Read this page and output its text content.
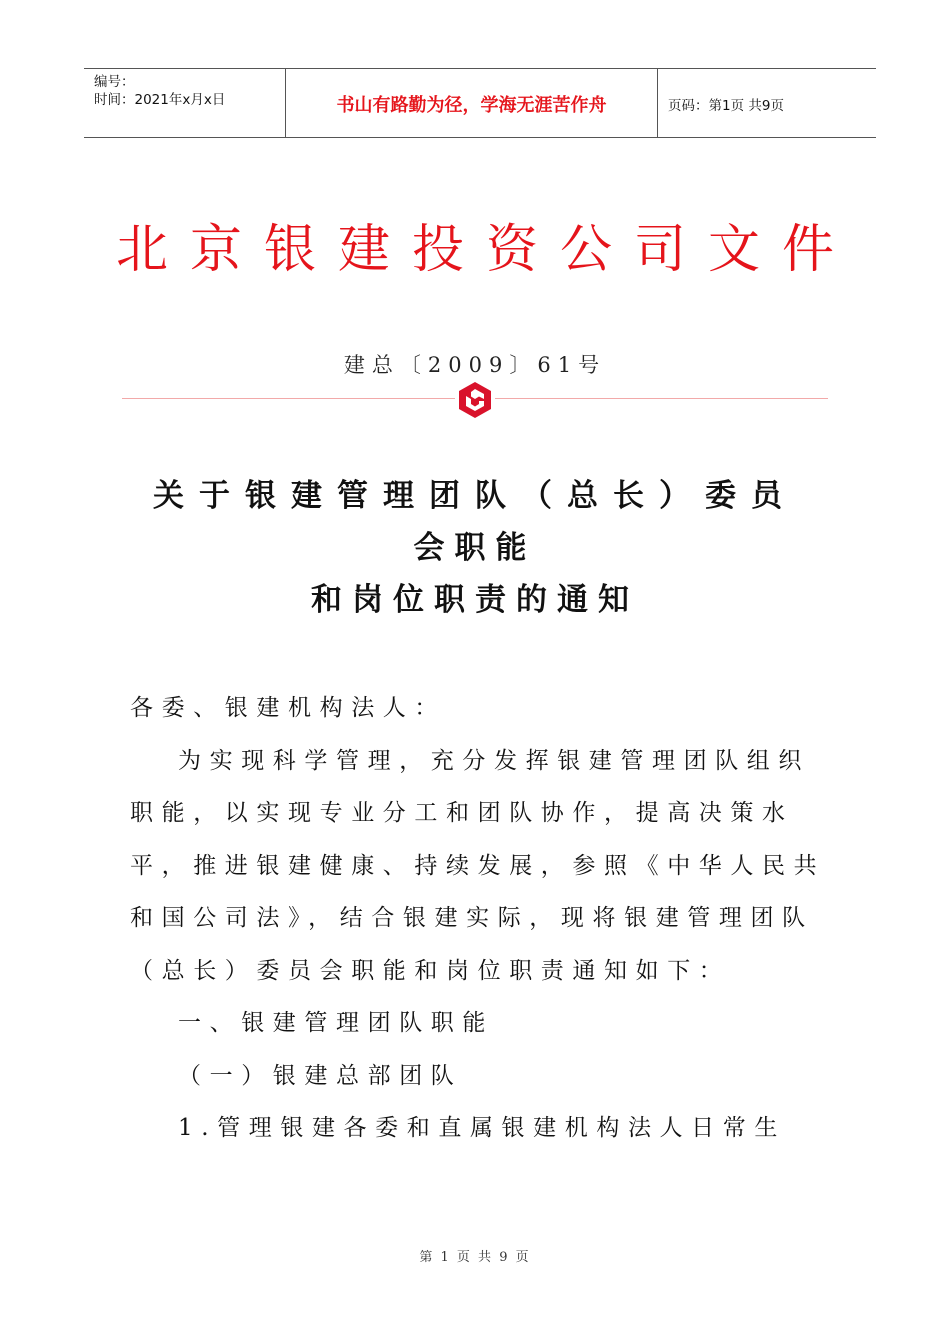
编号：
时间：2021年x月x日	书山有路勤为径，学海无涯苦作舟	页码：第1页 共9页
北京银建投资公司文件
建总〔2009〕61号
关于银建管理团队（总长）委员
会职能
和岗位职责的通知

各委、银建机构法人：

为实现科学管理，充分发挥银建管理团队组织职能，以实现专业分工和团队协作，提高决策水平，推进银建健康、持续发展，参照《中华人民共和国公司法》，结合银建实际，现将银建管理团队（总长）委员会职能和岗位职责通知如下：

一、银建管理团队职能

（一）银建总部团队

1.管理银建各委和直属银建机构法人日常生

第 1 页 共 9 页
